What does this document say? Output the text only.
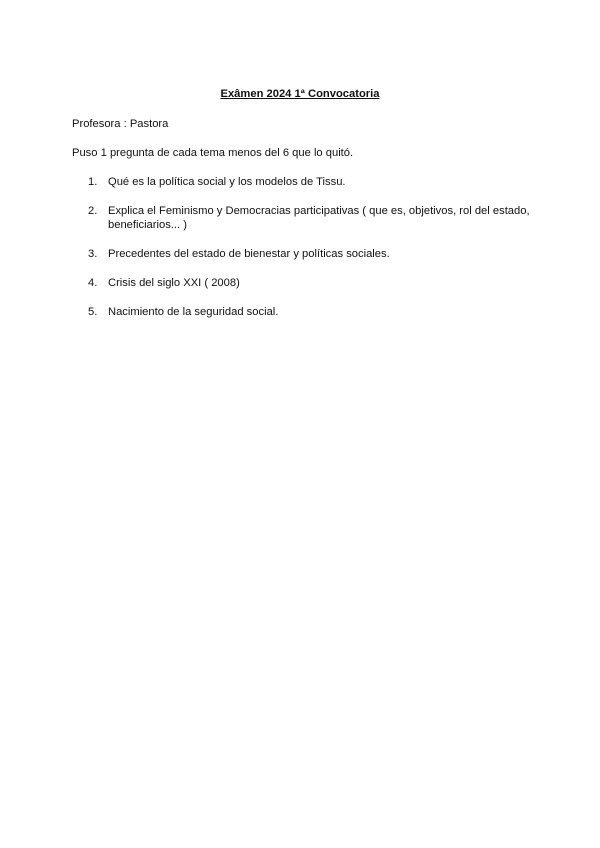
Exâmen 2024 1ª Convocatoria
Profesora : Pastora
Puso 1 pregunta de cada tema menos del 6 que lo quitó.
1. Qué es la política social y los modelos de Tissu.
2. Explica el Feminismo y Democracias participativas ( que es, objetivos, rol del estado, beneficiarios... )
3. Precedentes del estado de bienestar y políticas sociales.
4. Crisis del siglo XXI ( 2008)
5. Nacimiento de la seguridad social.
